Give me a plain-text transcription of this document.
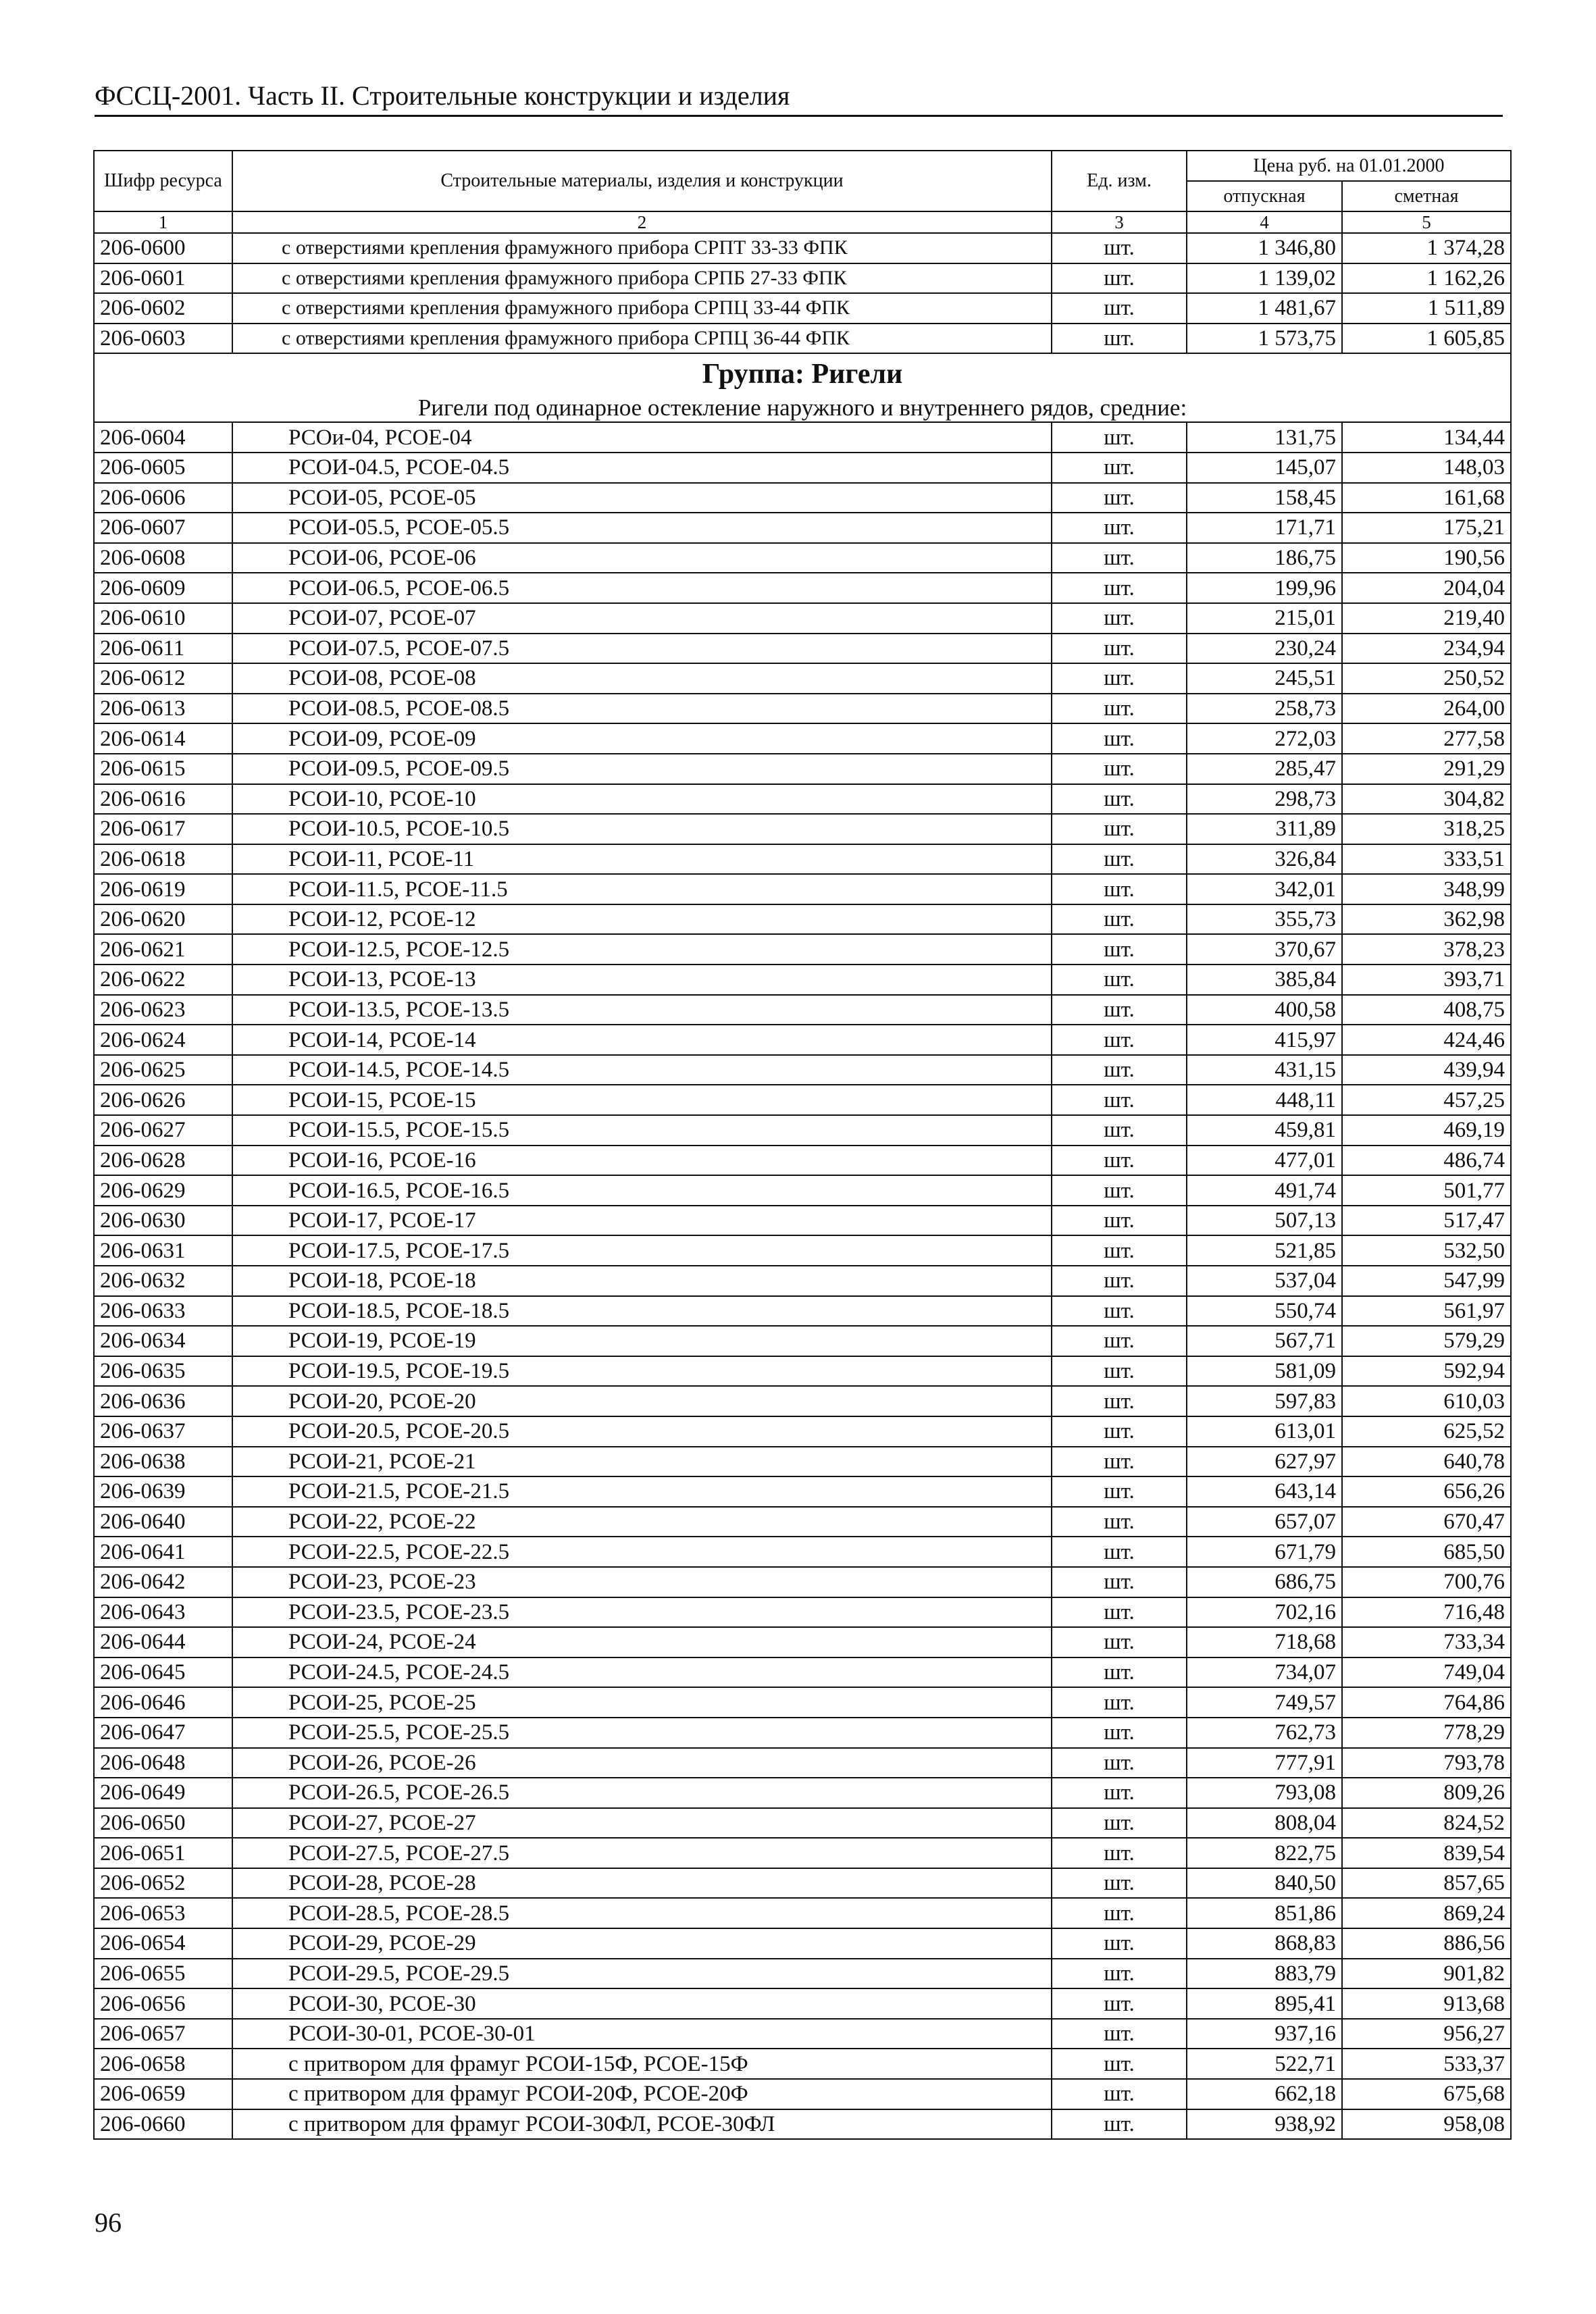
ФССЦ-2001. Часть II. Строительные конструкции и изделия
Шифр ресурса	Строительные материалы, изделия и конструкции	Ед. изм.	Цена руб. на 01.01.2000	
			отпускная	сметная
1	2	3	4	5
206-0600	с отверстиями крепления фрамужного прибора СРПТ 33-33 ФПК	шт.	1 346,80	1 374,28
206-0601	с отверстиями крепления фрамужного прибора СРПБ 27-33 ФПК	шт.	1 139,02	1 162,26
206-0602	с отверстиями крепления фрамужного прибора СРПЦ 33-44 ФПК	шт.	1 481,67	1 511,89
206-0603	с отверстиями крепления фрамужного прибора СРПЦ 36-44 ФПК	шт.	1 573,75	1 605,85
Группа: Ригели				
Ригели под одинарное остекление наружного и внутреннего рядов, средние:				
206-0604	РСОи-04, РСОЕ-04	шт.	131,75	134,44
206-0605	РСОИ-04.5, РСОЕ-04.5	шт.	145,07	148,03
206-0606	РСОИ-05, РСОЕ-05	шт.	158,45	161,68
206-0607	РСОИ-05.5, РСОЕ-05.5	шт.	171,71	175,21
206-0608	РСОИ-06, РСОЕ-06	шт.	186,75	190,56
206-0609	РСОИ-06.5, РСОЕ-06.5	шт.	199,96	204,04
206-0610	РСОИ-07, РСОЕ-07	шт.	215,01	219,40
206-0611	РСОИ-07.5, РСОЕ-07.5	шт.	230,24	234,94
206-0612	РСОИ-08, РСОЕ-08	шт.	245,51	250,52
206-0613	РСОИ-08.5, РСОЕ-08.5	шт.	258,73	264,00
206-0614	РСОИ-09, РСОЕ-09	шт.	272,03	277,58
206-0615	РСОИ-09.5, РСОЕ-09.5	шт.	285,47	291,29
206-0616	РСОИ-10, РСОЕ-10	шт.	298,73	304,82
206-0617	РСОИ-10.5, РСОЕ-10.5	шт.	311,89	318,25
206-0618	РСОИ-11, РСОЕ-11	шт.	326,84	333,51
206-0619	РСОИ-11.5, РСОЕ-11.5	шт.	342,01	348,99
206-0620	РСОИ-12, РСОЕ-12	шт.	355,73	362,98
206-0621	РСОИ-12.5, РСОЕ-12.5	шт.	370,67	378,23
206-0622	РСОИ-13, РСОЕ-13	шт.	385,84	393,71
206-0623	РСОИ-13.5, РСОЕ-13.5	шт.	400,58	408,75
206-0624	РСОИ-14, РСОЕ-14	шт.	415,97	424,46
206-0625	РСОИ-14.5, РСОЕ-14.5	шт.	431,15	439,94
206-0626	РСОИ-15, РСОЕ-15	шт.	448,11	457,25
206-0627	РСОИ-15.5, РСОЕ-15.5	шт.	459,81	469,19
206-0628	РСОИ-16, РСОЕ-16	шт.	477,01	486,74
206-0629	РСОИ-16.5, РСОЕ-16.5	шт.	491,74	501,77
206-0630	РСОИ-17, РСОЕ-17	шт.	507,13	517,47
206-0631	РСОИ-17.5, РСОЕ-17.5	шт.	521,85	532,50
206-0632	РСОИ-18, РСОЕ-18	шт.	537,04	547,99
206-0633	РСОИ-18.5, РСОЕ-18.5	шт.	550,74	561,97
206-0634	РСОИ-19, РСОЕ-19	шт.	567,71	579,29
206-0635	РСОИ-19.5, РСОЕ-19.5	шт.	581,09	592,94
206-0636	РСОИ-20, РСОЕ-20	шт.	597,83	610,03
206-0637	РСОИ-20.5, РСОЕ-20.5	шт.	613,01	625,52
206-0638	РСОИ-21, РСОЕ-21	шт.	627,97	640,78
206-0639	РСОИ-21.5, РСОЕ-21.5	шт.	643,14	656,26
206-0640	РСОИ-22, РСОЕ-22	шт.	657,07	670,47
206-0641	РСОИ-22.5, РСОЕ-22.5	шт.	671,79	685,50
206-0642	РСОИ-23, РСОЕ-23	шт.	686,75	700,76
206-0643	РСОИ-23.5, РСОЕ-23.5	шт.	702,16	716,48
206-0644	РСОИ-24, РСОЕ-24	шт.	718,68	733,34
206-0645	РСОИ-24.5, РСОЕ-24.5	шт.	734,07	749,04
206-0646	РСОИ-25, РСОЕ-25	шт.	749,57	764,86
206-0647	РСОИ-25.5, РСОЕ-25.5	шт.	762,73	778,29
206-0648	РСОИ-26, РСОЕ-26	шт.	777,91	793,78
206-0649	РСОИ-26.5, РСОЕ-26.5	шт.	793,08	809,26
206-0650	РСОИ-27, РСОЕ-27	шт.	808,04	824,52
206-0651	РСОИ-27.5, РСОЕ-27.5	шт.	822,75	839,54
206-0652	РСОИ-28, РСОЕ-28	шт.	840,50	857,65
206-0653	РСОИ-28.5, РСОЕ-28.5	шт.	851,86	869,24
206-0654	РСОИ-29, РСОЕ-29	шт.	868,83	886,56
206-0655	РСОИ-29.5, РСОЕ-29.5	шт.	883,79	901,82
206-0656	РСОИ-30, РСОЕ-30	шт.	895,41	913,68
206-0657	РСОИ-30-01, РСОЕ-30-01	шт.	937,16	956,27
206-0658	с притвором для фрамуг РСОИ-15Ф, РСОЕ-15Ф	шт.	522,71	533,37
206-0659	с притвором для фрамуг РСОИ-20Ф, РСОЕ-20Ф	шт.	662,18	675,68
206-0660	с притвором для фрамуг РСОИ-30ФЛ, РСОЕ-30ФЛ	шт.	938,92	958,08
96
